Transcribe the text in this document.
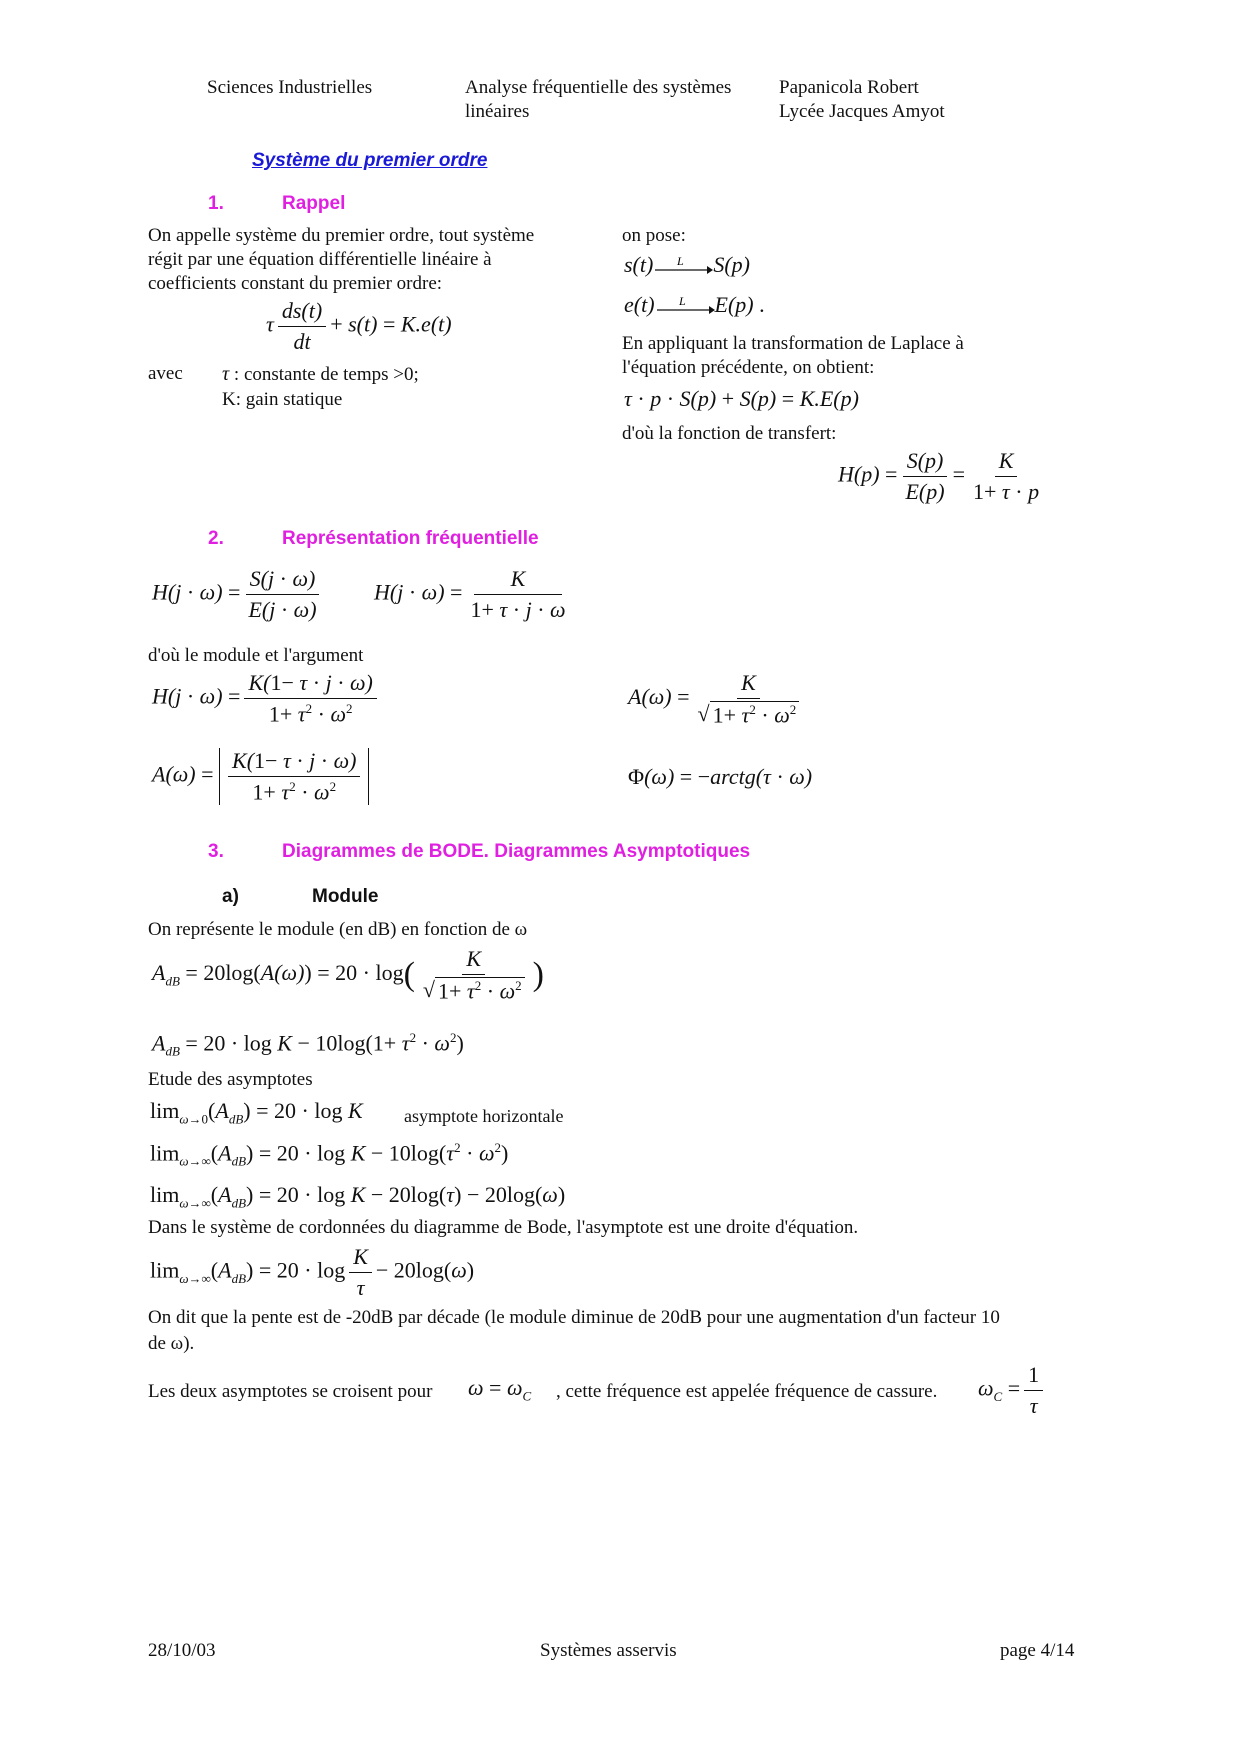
Sciences Industrielles	Analyse fréquentielle des systèmes
linéaires
Papanicola Robert
Lycée Jacques Amyot
Système du premier ordre
1.	Rappel
On appelle système du premier ordre, tout système
régit par une équation différentielle linéaire à
coefficients constant du premier ordre:
τ $\frac{ds(t)}{dt} + s(t) = K.e(t)$
avec τ : constante de temps >0;
K: gain statique
on pose:
s(t) L S(p)
e(t) L E(p) .
En appliquant la transformation de Laplace à
l'équation précédente, on obtient:
τ · p · S(p) + S(p) = K.E(p)
d'où la fonction de transfert:
$H(p) = \frac{S(p)}{E(p)} = \frac{K}{1+ \tau \cdot p}$
2.	Représentation fréquentielle
$H(j \cdot \omega) = \frac{S(j \cdot \omega)}{E(j \cdot \omega)} H(j \cdot \omega) = \frac{K}{1+ \tau \cdot j \cdot \omega}$
d'où le module et l'argument
$H(j \cdot \omega) = \frac{K(1- \tau \cdot j \cdot \omega)}{1+ \tau^2 \cdot \omega^2}$	$A(\omega) = \frac{K}{√ 1+ \tau^2 \cdot \omega^2}$
$A(\omega) = \frac{K(1- \tau \cdot j \cdot \omega)}{1+ \tau^2 \cdot \omega^2}$	Φ(ω) = −arctg(τ · ω)
3.	Diagrammes de BODE. Diagrammes Asymptotiques
a)	Module
On représente le module (en dB) en fonction de ω
$A_{dB} = 20\log(A(\omega)) = 20 \cdot \log( \frac{K}{√ 1+ \tau^2 \cdot \omega^2}$ )
$A_{dB} = 20 \cdot \log K - 10\log(1+ \tau^2 \cdot \omega^2)$
Etude des asymptotes
$\lim_{\omega\to 0}(A_{dB}) = 20 \cdot \log K$ asymptote horizontale
$\lim_{\omega\to\infty}(A_{dB}) = 20 \cdot \log K - 10\log(\tau^2 \cdot \omega^2)$
$\lim_{\omega\to\infty}(A_{dB}) = 20 \cdot \log K - 20\log(\tau) - 20\log(\omega)$
Dans le système de cordonnées du diagramme de Bode, l'asymptote est une droite d'équation.
$\lim_{\omega\to\infty}(A_{dB}) = 20 \cdot \log \frac{K}{\tau} - 20\log(\omega)$
On dit que la pente est de -20dB par décade (le module diminue de 20dB pour une augmentation d'un facteur 10
de ω).
Les deux asymptotes se croisent pour $\omega = \omega_C$ , cette fréquence est appelée fréquence de cassure. $\omega_C = \frac{1}{\tau}$
28/10/03	Systèmes asservis	page 4/14
